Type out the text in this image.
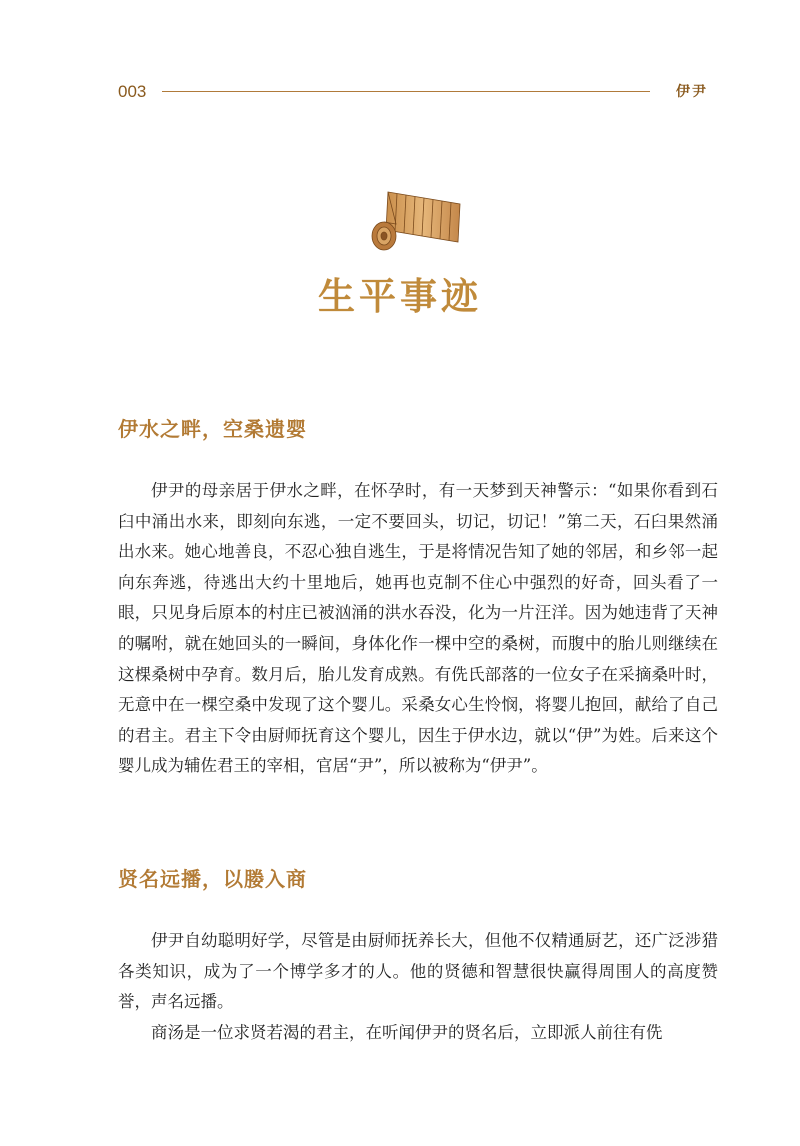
003	伊尹
生平事迹
伊水之畔，空桑遗婴

伊尹的母亲居于伊水之畔，在怀孕时，有一天梦到天神警示：“如果你看到石臼中涌出水来，即刻向东逃，一定不要回头，切记，切记！”第二天，石臼果然涌出水来。她心地善良，不忍心独自逃生，于是将情况告知了她的邻居，和乡邻一起向东奔逃，待逃出大约十里地后，她再也克制不住心中强烈的好奇，回头看了一眼，只见身后原本的村庄已被汹涌的洪水吞没，化为一片汪洋。因为她违背了天神的嘱咐，就在她回头的一瞬间，身体化作一棵中空的桑树，而腹中的胎儿则继续在这棵桑树中孕育。数月后，胎儿发育成熟。有侁氏部落的一位女子在采摘桑叶时，无意中在一棵空桑中发现了这个婴儿。采桑女心生怜悯，将婴儿抱回，献给了自己的君主。君主下令由厨师抚育这个婴儿，因生于伊水边，就以“伊”为姓。后来这个婴儿成为辅佐君王的宰相，官居“尹”，所以被称为“伊尹”。

贤名远播，以媵入商

伊尹自幼聪明好学，尽管是由厨师抚养长大，但他不仅精通厨艺，还广泛涉猎各类知识，成为了一个博学多才的人。他的贤德和智慧很快赢得周围人的高度赞誉，声名远播。

商汤是一位求贤若渴的君主，在听闻伊尹的贤名后，立即派人前往有侁
